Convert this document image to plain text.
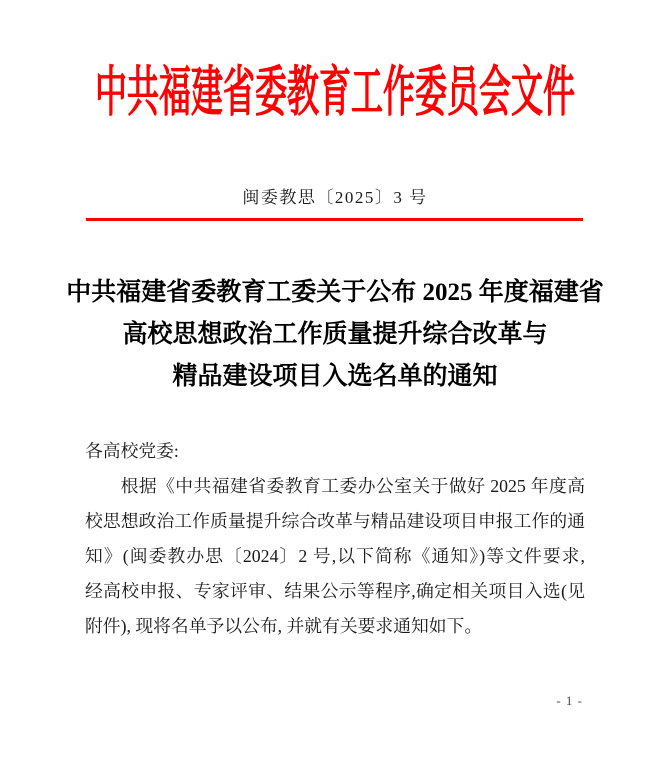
中共福建省委教育工作委员会文件
闽委教思〔2025〕3 号
中共福建省委教育工委关于公布 2025 年度福建省
高校思想政治工作质量提升综合改革与
精品建设项目入选名单的通知
各高校党委:
根据《中共福建省委教育工委办公室关于做好 2025 年度高
校思想政治工作质量提升综合改革与精品建设项目申报工作的通
知》(闽委教办思〔2024〕2 号,以下简称《通知》)等文件要求,
经高校申报、专家评审、结果公示等程序,确定相关项目入选(见
附件), 现将名单予以公布, 并就有关要求通知如下。
- 1 -
